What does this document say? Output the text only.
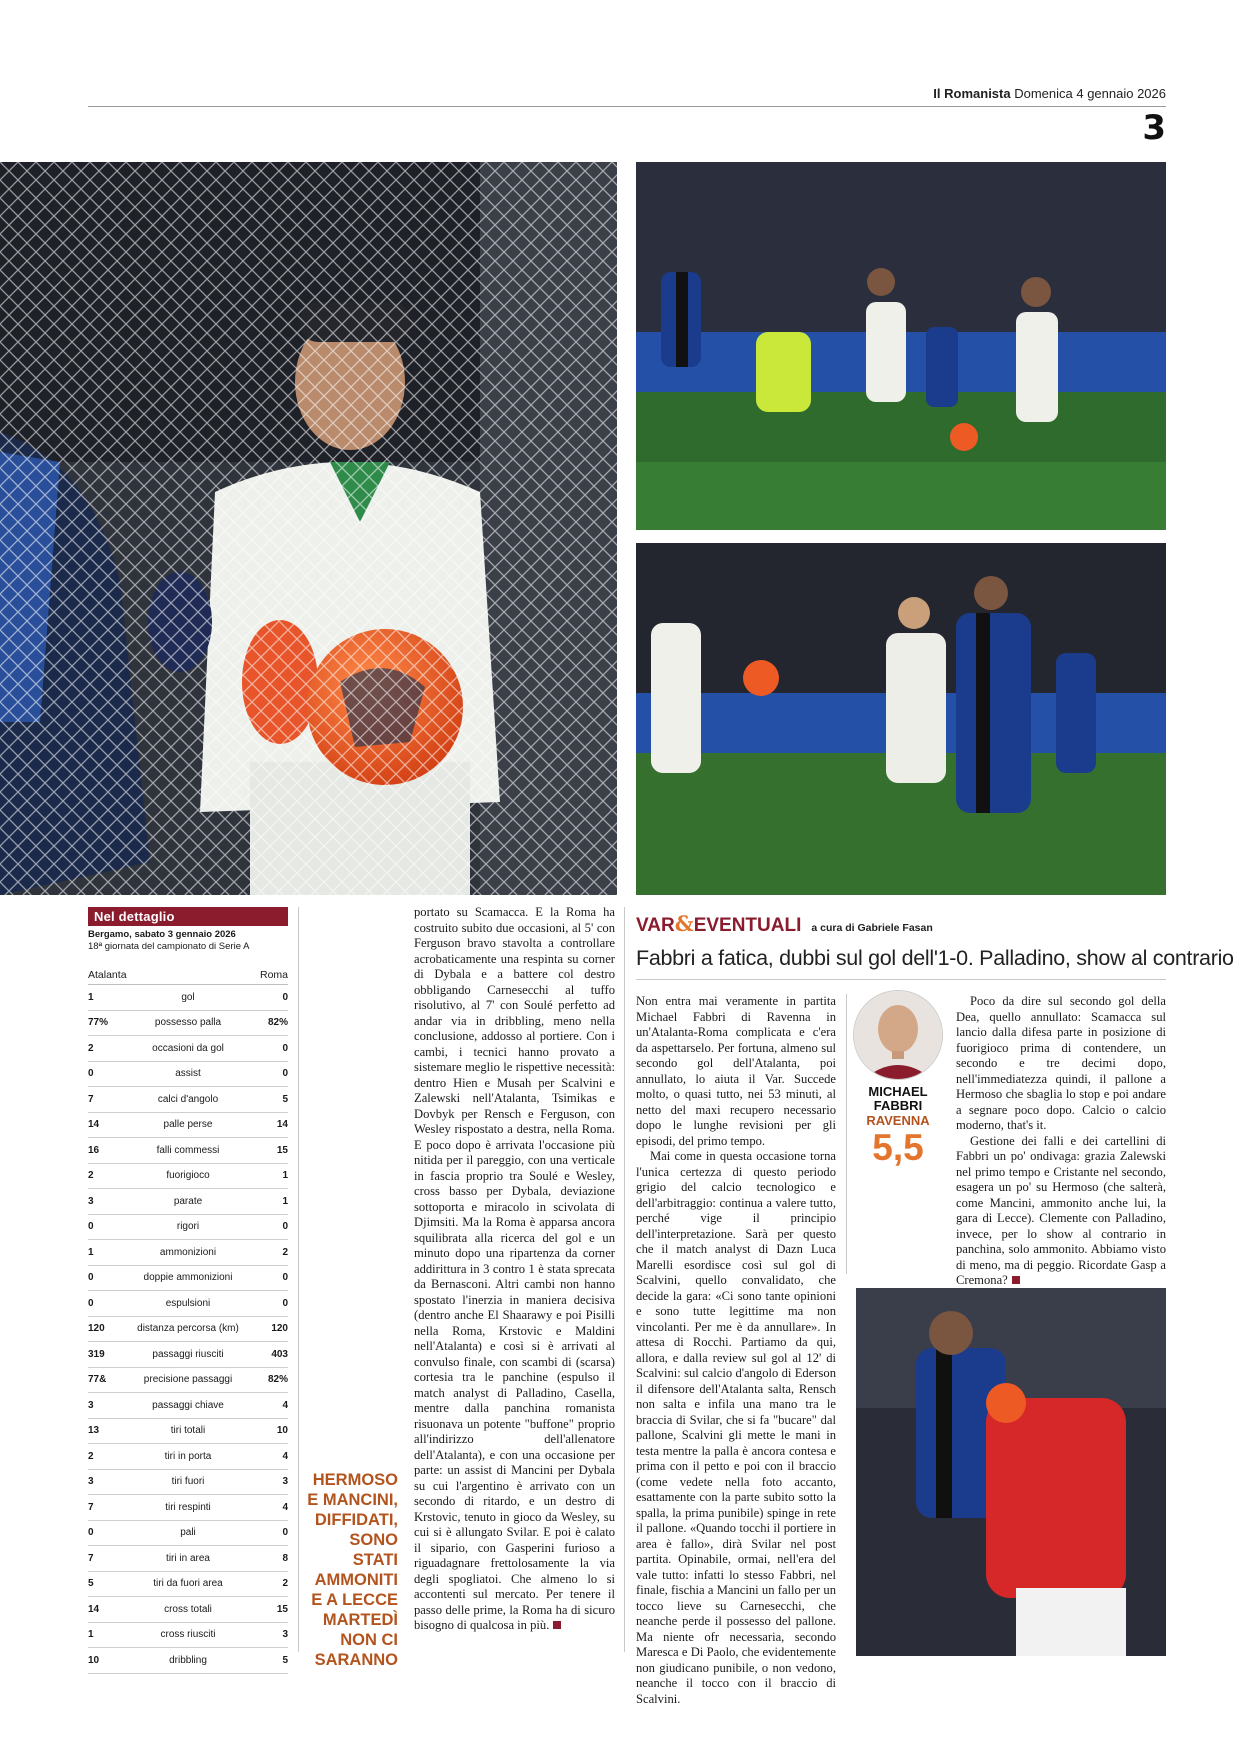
Il Romanista Domenica 4 gennaio 2026
3
Nel dettaglio
Bergamo, sabato 3 gennaio 2026
18ª giornata del campionato di Serie A
Atalanta	Roma
1	gol	0
77%	possesso palla	82%
2	occasioni da gol	0
0	assist	0
7	calci d'angolo	5
14	palle perse	14
16	falli commessi	15
2	fuorigioco	1
3	parate	1
0	rigori	0
1	ammonizioni	2
0	doppie ammonizioni	0
0	espulsioni	0
120	distanza percorsa (km)	120
319	passaggi riusciti	403
77&	precisione passaggi	82%
3	passaggi chiave	4
13	tiri totali	10
2	tiri in porta	4
3	tiri fuori	3
7	tiri respinti	4
0	pali	0
7	tiri in area	8
5	tiri da fuori area	2
14	cross totali	15
1	cross riusciti	3
10	dribbling	5
HERMOSO E MANCINI, DIFFIDATI, SONO STATI AMMONITI E A LECCE MARTEDÌ NON CI SARANNO

portato su Scamacca. E la Roma ha costruito subito due occasioni, al 5' con Ferguson bravo stavolta a controllare acrobaticamente una respinta su corner di Dybala e a battere col destro obbligando Carnesecchi al tuffo risolutivo, al 7' con Soulé perfetto ad andar via in dribbling, meno nella conclusione, addosso al portiere. Con i cambi, i tecnici hanno provato a sistemare meglio le rispettive necessità: dentro Hien e Musah per Scalvini e Zalewski nell'Atalanta, Tsimikas e Dovbyk per Rensch e Ferguson, con Wesley rispostato a destra, nella Roma. E poco dopo è arrivata l'occasione più nitida per il pareggio, con una verticale in fascia proprio tra Soulé e Wesley, cross basso per Dybala, deviazione sottoporta e miracolo in scivolata di Djimsiti. Ma la Roma è apparsa ancora squilibrata alla ricerca del gol e un minuto dopo una ripartenza da corner addirittura in 3 contro 1 è stata sprecata da Bernasconi. Altri cambi non hanno spostato l'inerzia in maniera decisiva (dentro anche El Shaarawy e poi Pisilli nella Roma, Krstovic e Maldini nell'Atalanta) e così si è arrivati al convulso finale, con scambi di (scarsa) cortesia tra le panchine (espulso il match analyst di Palladino, Casella, mentre dalla panchina romanista risuonava un potente "buffone" proprio all'indirizzo dell'allenatore dell'Atalanta), e con una occasione per parte: un assist di Mancini per Dybala su cui l'argentino è arrivato con un secondo di ritardo, e un destro di Krstovic, tenuto in gioco da Wesley, su cui si è allungato Svilar. E poi è calato il sipario, con Gasperini furioso a riguadagnare frettolosamente la via degli spogliatoi. Che almeno lo si accontenti sul mercato. Per tenere il passo delle prime, la Roma ha di sicuro bisogno di qualcosa in più.

VAR&EVENTUALI a cura di Gabriele Fasan
Fabbri a fatica, dubbi sul gol dell'1-0. Palladino, show al contrario

Non entra mai veramente in partita Michael Fabbri di Ravenna in un'Atalanta-Roma complicata e c'era da aspettarselo. Per fortuna, almeno sul secondo gol dell'Atalanta, poi annullato, lo aiuta il Var. Succede molto, o quasi tutto, nei 53 minuti, al netto del maxi recupero necessario dopo le lunghe revisioni per gli episodi, del primo tempo.

Mai come in questa occasione torna l'unica certezza di questo periodo grigio del calcio tecnologico e dell'arbitraggio: continua a valere tutto, perché vige il principio dell'interpretazione. Sarà per questo che il match analyst di Dazn Luca Marelli esordisce così sul gol di Scalvini, quello convalidato, che decide la gara: «Ci sono tante opinioni e sono tutte legittime ma non vincolanti. Per me è da annullare». In attesa di Rocchi. Partiamo da qui, allora, e dalla review sul gol al 12' di Scalvini: sul calcio d'angolo di Ederson il difensore dell'Atalanta salta, Rensch non salta e infila una mano tra le braccia di Svilar, che si fa "bucare" dal pallone, Scalvini gli mette le mani in testa mentre la palla è ancora contesa e prima con il petto e poi con il braccio (come vedete nella foto accanto, esattamente con la parte subito sotto la spalla, la prima punibile) spinge in rete il pallone. «Quando tocchi il portiere in area è fallo», dirà Svilar nel post partita. Opinabile, ormai, nell'era del vale tutto: infatti lo stesso Fabbri, nel finale, fischia a Mancini un fallo per un tocco lieve su Carnesecchi, che neanche perde il possesso del pallone. Ma niente ofr necessaria, secondo Maresca e Di Paolo, che evidentemente non giudicano punibile, o non vedono, neanche il tocco con il braccio di Scalvini.

MICHAEL
FABBRI
RAVENNA
5,5

Poco da dire sul secondo gol della Dea, quello annullato: Scamacca sul lancio dalla difesa parte in posizione di fuorigioco prima di contendere, un secondo e tre decimi dopo, nell'immediatezza quindi, il pallone a Hermoso che sbaglia lo stop e poi andare a segnare poco dopo. Calcio o calcio moderno, that's it.

Gestione dei falli e dei cartellini di Fabbri un po' ondivaga: grazia Zalewski nel primo tempo e Cristante nel secondo, esagera un po' su Hermoso (che salterà, come Mancini, ammonito anche lui, la gara di Lecce). Clemente con Palladino, invece, per lo show al contrario in panchina, solo ammonito. Abbiamo visto di meno, ma di peggio. Ricordate Gasp a Cremona?
